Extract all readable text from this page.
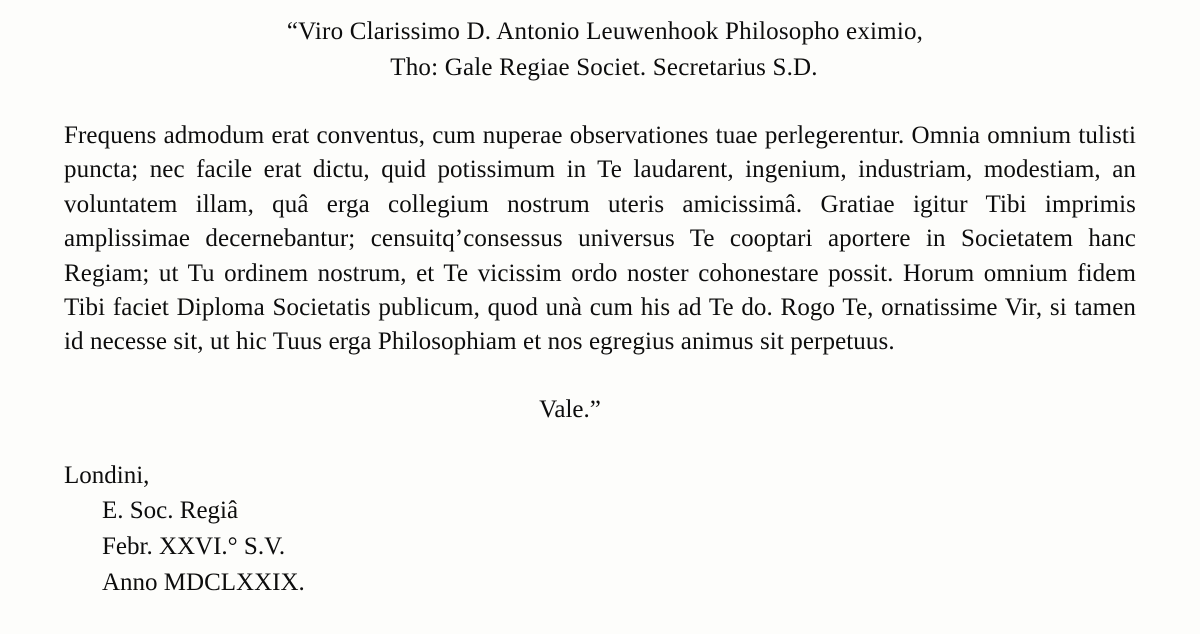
“Viro Clarissimo D. Antonio Leuwenhook Philosopho eximio,
Tho: Gale Regiae Societ. Secretarius S.D.

Frequens admodum erat conventus, cum nuperae observationes tuae perlegerentur. Omnia omnium tulisti puncta; nec facile erat dictu, quid potissimum in Te laudarent, ingenium, industriam, modestiam, an voluntatem illam, quâ erga collegium nostrum uteris amicissimâ. Gratiae igitur Tibi imprimis amplissimae decernebantur; censuitq’consessus universus Te cooptari aportere in Societatem hanc Regiam; ut Tu ordinem nostrum, et Te vicissim ordo noster cohonestare possit. Horum omnium fidem Tibi faciet Diploma Societatis publicum, quod unà cum his ad Te do. Rogo Te, ornatissime Vir, si tamen id necesse sit, ut hic Tuus erga Philosophiam et nos egregius animus sit perpetuus.

Vale.”
Londini,
E. Soc. Regiâ
Febr. XXVI.° S.V.
Anno MDCLXXIX.
